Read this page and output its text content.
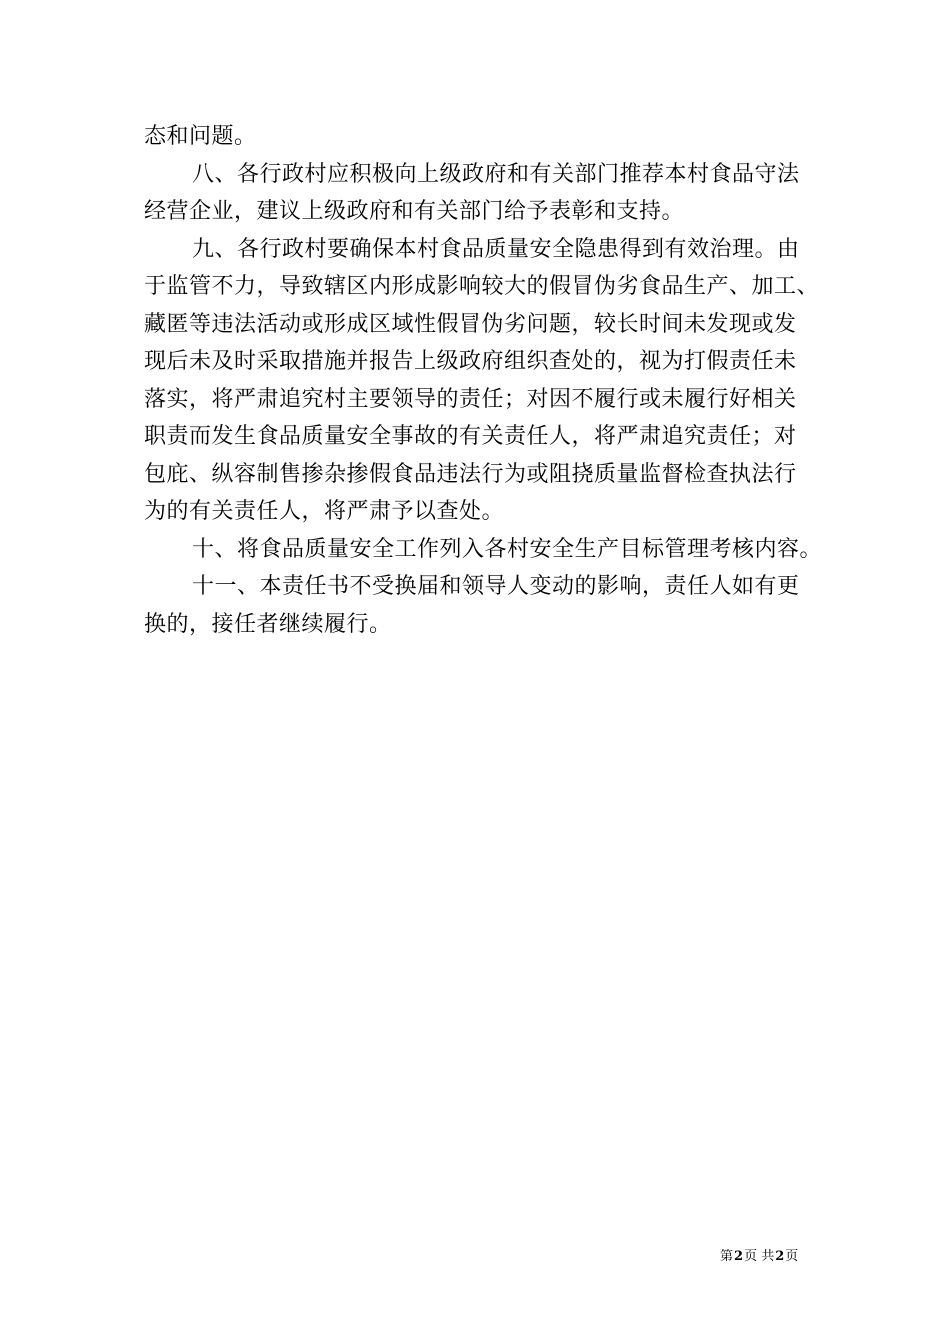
态和问题。
八、各行政村应积极向上级政府和有关部门推荐本村食品守法
经营企业，建议上级政府和有关部门给予表彰和支持。
九、各行政村要确保本村食品质量安全隐患得到有效治理。由
于监管不力，导致辖区内形成影响较大的假冒伪劣食品生产、加工、
藏匿等违法活动或形成区域性假冒伪劣问题，较长时间未发现或发
现后未及时采取措施并报告上级政府组织查处的，视为打假责任未
落实，将严肃追究村主要领导的责任；对因不履行或未履行好相关
职责而发生食品质量安全事故的有关责任人，将严肃追究责任；对
包庇、纵容制售掺杂掺假食品违法行为或阻挠质量监督检查执法行
为的有关责任人，将严肃予以查处。
十、将食品质量安全工作列入各村安全生产目标管理考核内容。
十一、本责任书不受换届和领导人变动的影响，责任人如有更
换的，接任者继续履行。
第2页 共2页
